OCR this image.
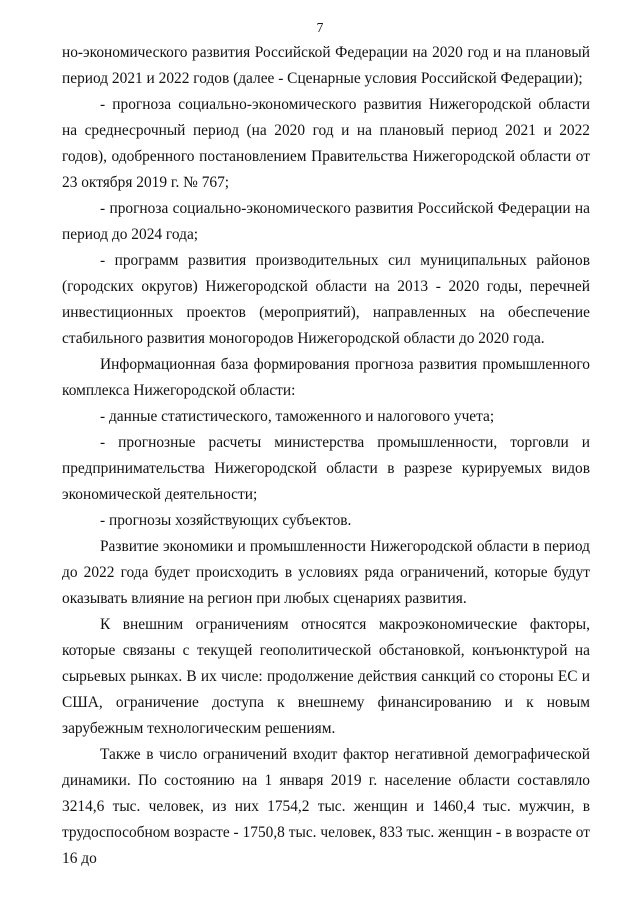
7

но-экономического развития Российской Федерации на 2020 год и на плановый период 2021 и 2022 годов (далее - Сценарные условия Российской Федерации);

- прогноза социально-экономического развития Нижегородской области на среднесрочный период (на 2020 год и на плановый период 2021 и 2022 годов), одобренного постановлением Правительства Нижегородской области от 23 октября 2019 г. № 767;

- прогноза социально-экономического развития Российской Федерации на период до 2024 года;

- программ развития производительных сил муниципальных районов (городских округов) Нижегородской области на 2013 - 2020 годы, перечней инвестиционных проектов (мероприятий), направленных на обеспечение стабильного развития моногородов Нижегородской области до 2020 года.

Информационная база формирования прогноза развития промышленного комплекса Нижегородской области:

- данные статистического, таможенного и налогового учета;

- прогнозные расчеты министерства промышленности, торговли и предпринимательства Нижегородской области в разрезе курируемых видов экономической деятельности;

- прогнозы хозяйствующих субъектов.

Развитие экономики и промышленности Нижегородской области в период до 2022 года будет происходить в условиях ряда ограничений, которые будут оказывать влияние на регион при любых сценариях развития.

К внешним ограничениям относятся макроэкономические факторы, которые связаны с текущей геополитической обстановкой, конъюнктурой на сырьевых рынках. В их числе: продолжение действия санкций со стороны ЕС и США, ограничение доступа к внешнему финансированию и к новым зарубежным технологическим решениям.

Также в число ограничений входит фактор негативной демографической динамики. По состоянию на 1 января 2019 г. население области составляло 3214,6 тыс. человек, из них 1754,2 тыс. женщин и 1460,4 тыс. мужчин, в трудоспособном возрасте - 1750,8 тыс. человек, 833 тыс. женщин - в возрасте от 16 до
